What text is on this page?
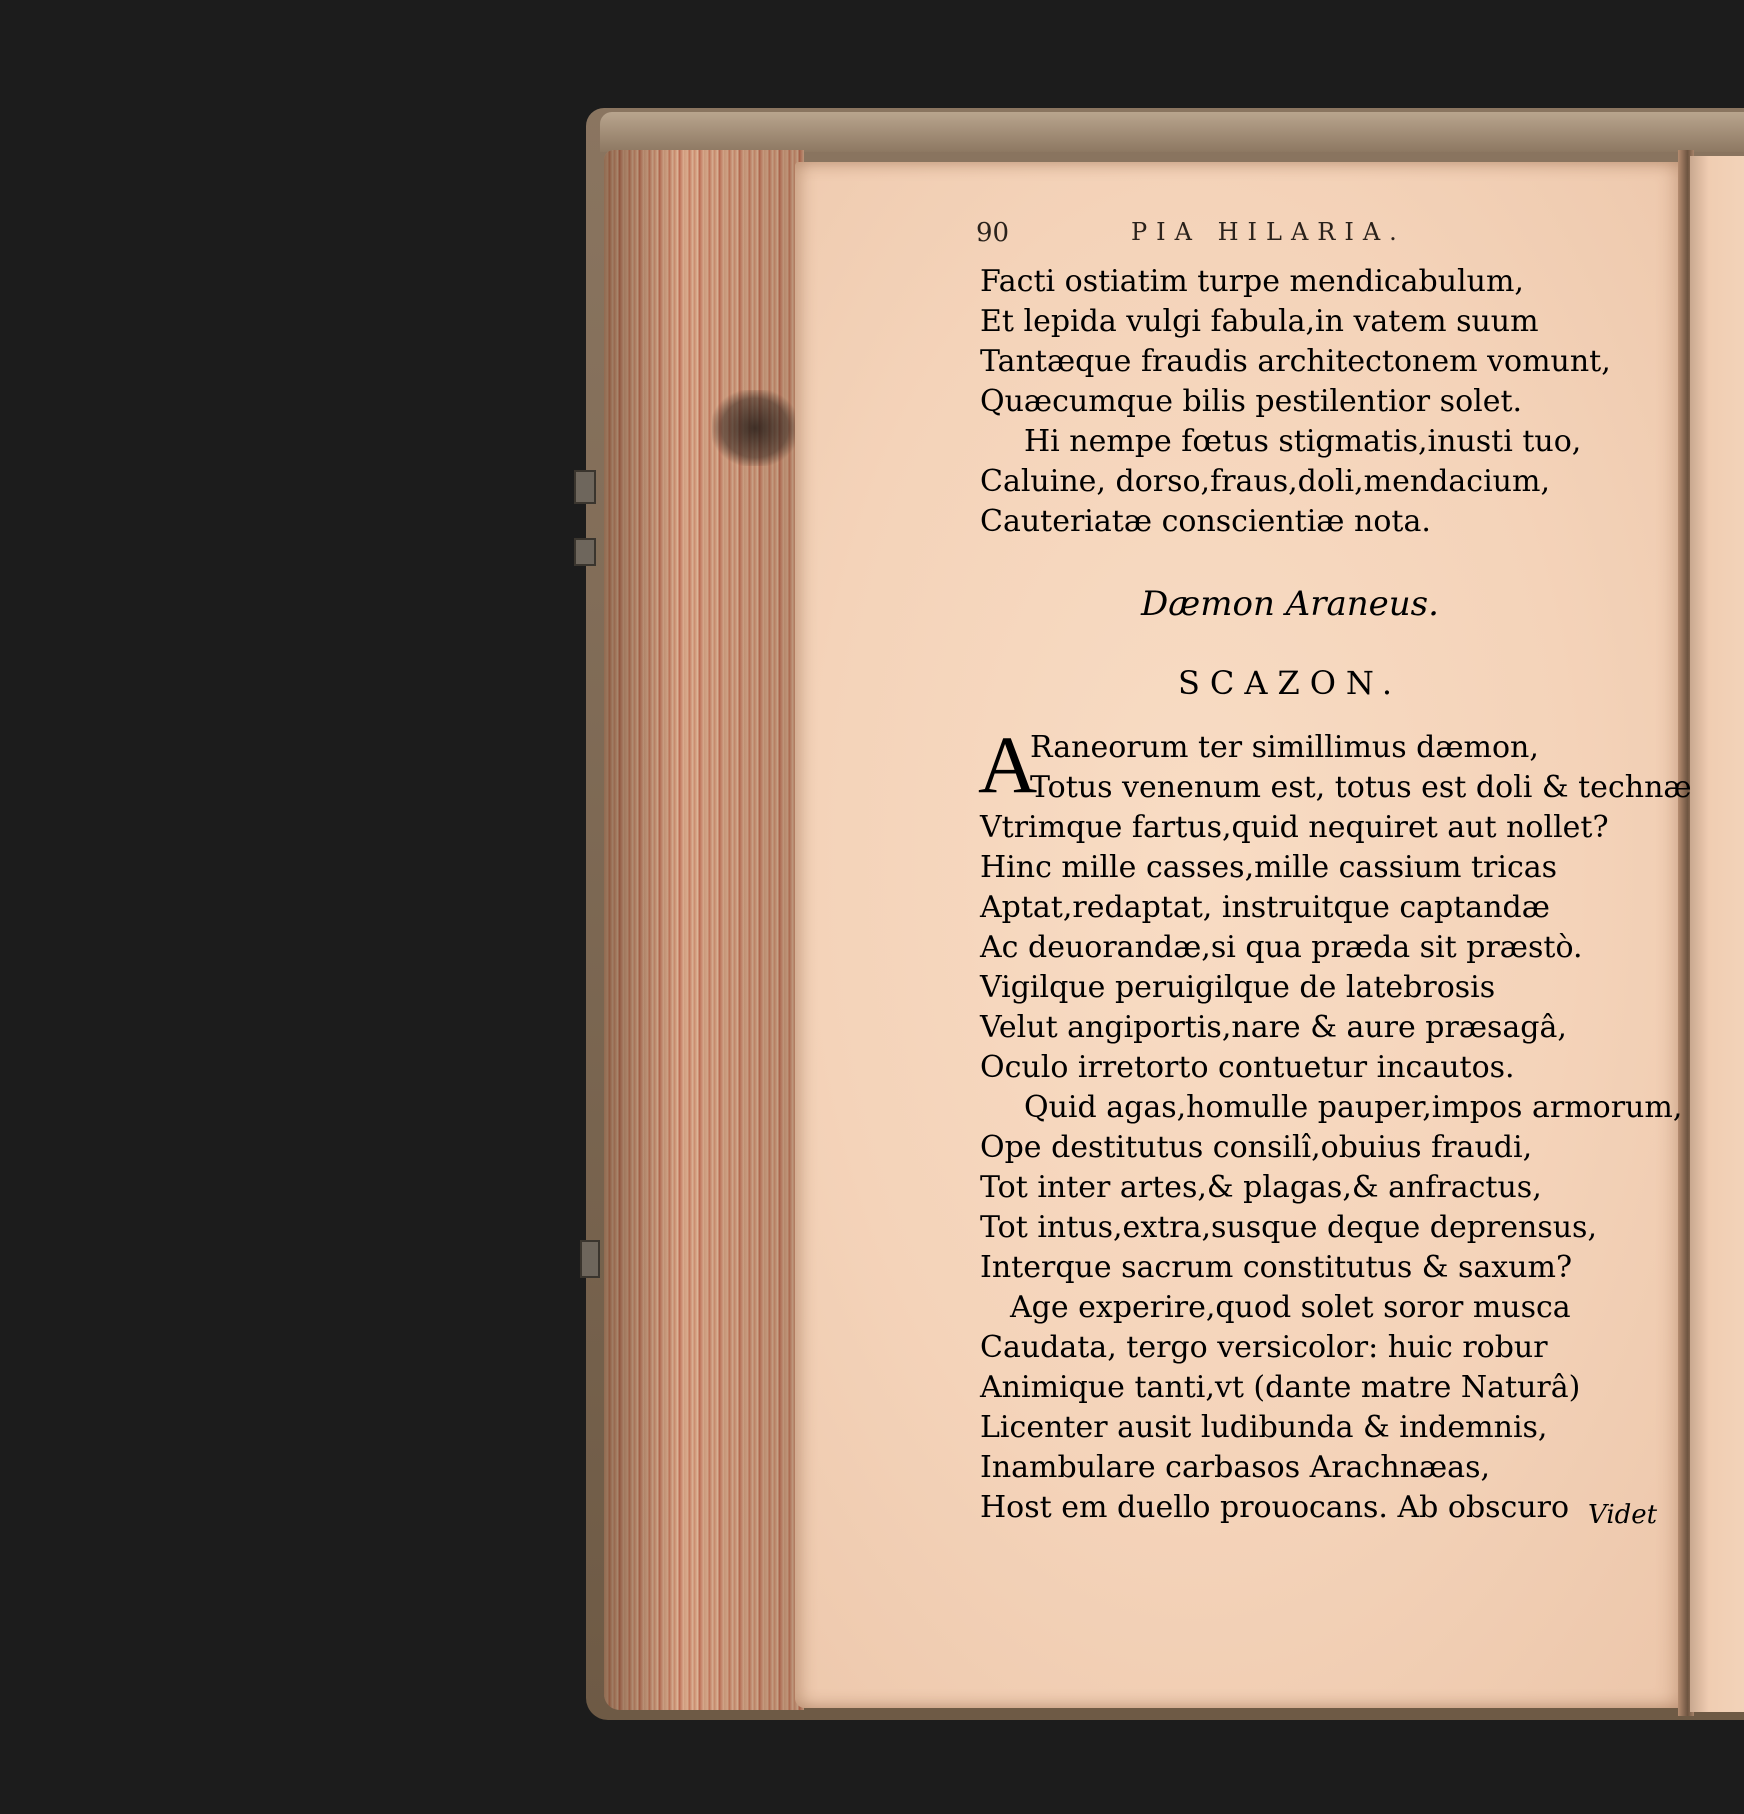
90	PIA HILARIA.
Facti ostiatim turpe mendicabulum,
Et lepida vulgi fabula,in vatem suum
Tantæque fraudis architectonem vomunt,
Quæcumque bilis pestilentior solet.
Hi nempe fœtus stigmatis,inusti tuo,
Caluine, dorso,fraus,doli,mendacium,
Cauteriatæ conscientiæ nota.
Dæmon Araneus.
SCAZON.
A
Raneorum ter simillimus dæmon,
Totus venenum est, totus est doli & technæ
Vtrimque fartus,quid nequiret aut nollet?
Hinc mille casses,mille cassium tricas
Aptat,redaptat, instruitque captandæ
Ac deuorandæ,si qua præda sit præstò.
Vigilque peruigilque de latebrosis
Velut angiportis,nare & aure præsagâ,
Oculo irretorto contuetur incautos.
Quid agas,homulle pauper,impos armorum,
Ope destitutus consilî,obuius fraudi,
Tot inter artes,& plagas,& anfractus,
Tot intus,extra,susque deque deprensus,
Interque sacrum constitutus & saxum?
Age experire,quod solet soror musca
Caudata, tergo versicolor: huic robur
Animique tanti,vt (dante matre Naturâ)
Licenter ausit ludibunda & indemnis,
Inambulare carbasos Arachnæas,
Host em duello prouocans. Ab obscuro Videt
